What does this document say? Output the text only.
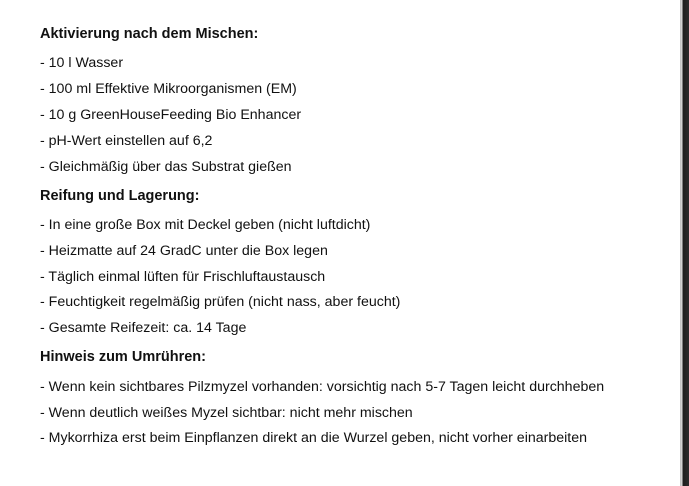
Aktivierung nach dem Mischen:
- 10 l Wasser
- 100 ml Effektive Mikroorganismen (EM)
- 10 g GreenHouseFeeding Bio Enhancer
- pH-Wert einstellen auf 6,2
- Gleichmäßig über das Substrat gießen
Reifung und Lagerung:
- In eine große Box mit Deckel geben (nicht luftdicht)
- Heizmatte auf 24 GradC unter die Box legen
- Täglich einmal lüften für Frischluftaustausch
- Feuchtigkeit regelmäßig prüfen (nicht nass, aber feucht)
- Gesamte Reifezeit: ca. 14 Tage
Hinweis zum Umrühren:
- Wenn kein sichtbares Pilzmyzel vorhanden: vorsichtig nach 5-7 Tagen leicht durchheben
- Wenn deutlich weißes Myzel sichtbar: nicht mehr mischen
- Mykorrhiza erst beim Einpflanzen direkt an die Wurzel geben, nicht vorher einarbeiten
